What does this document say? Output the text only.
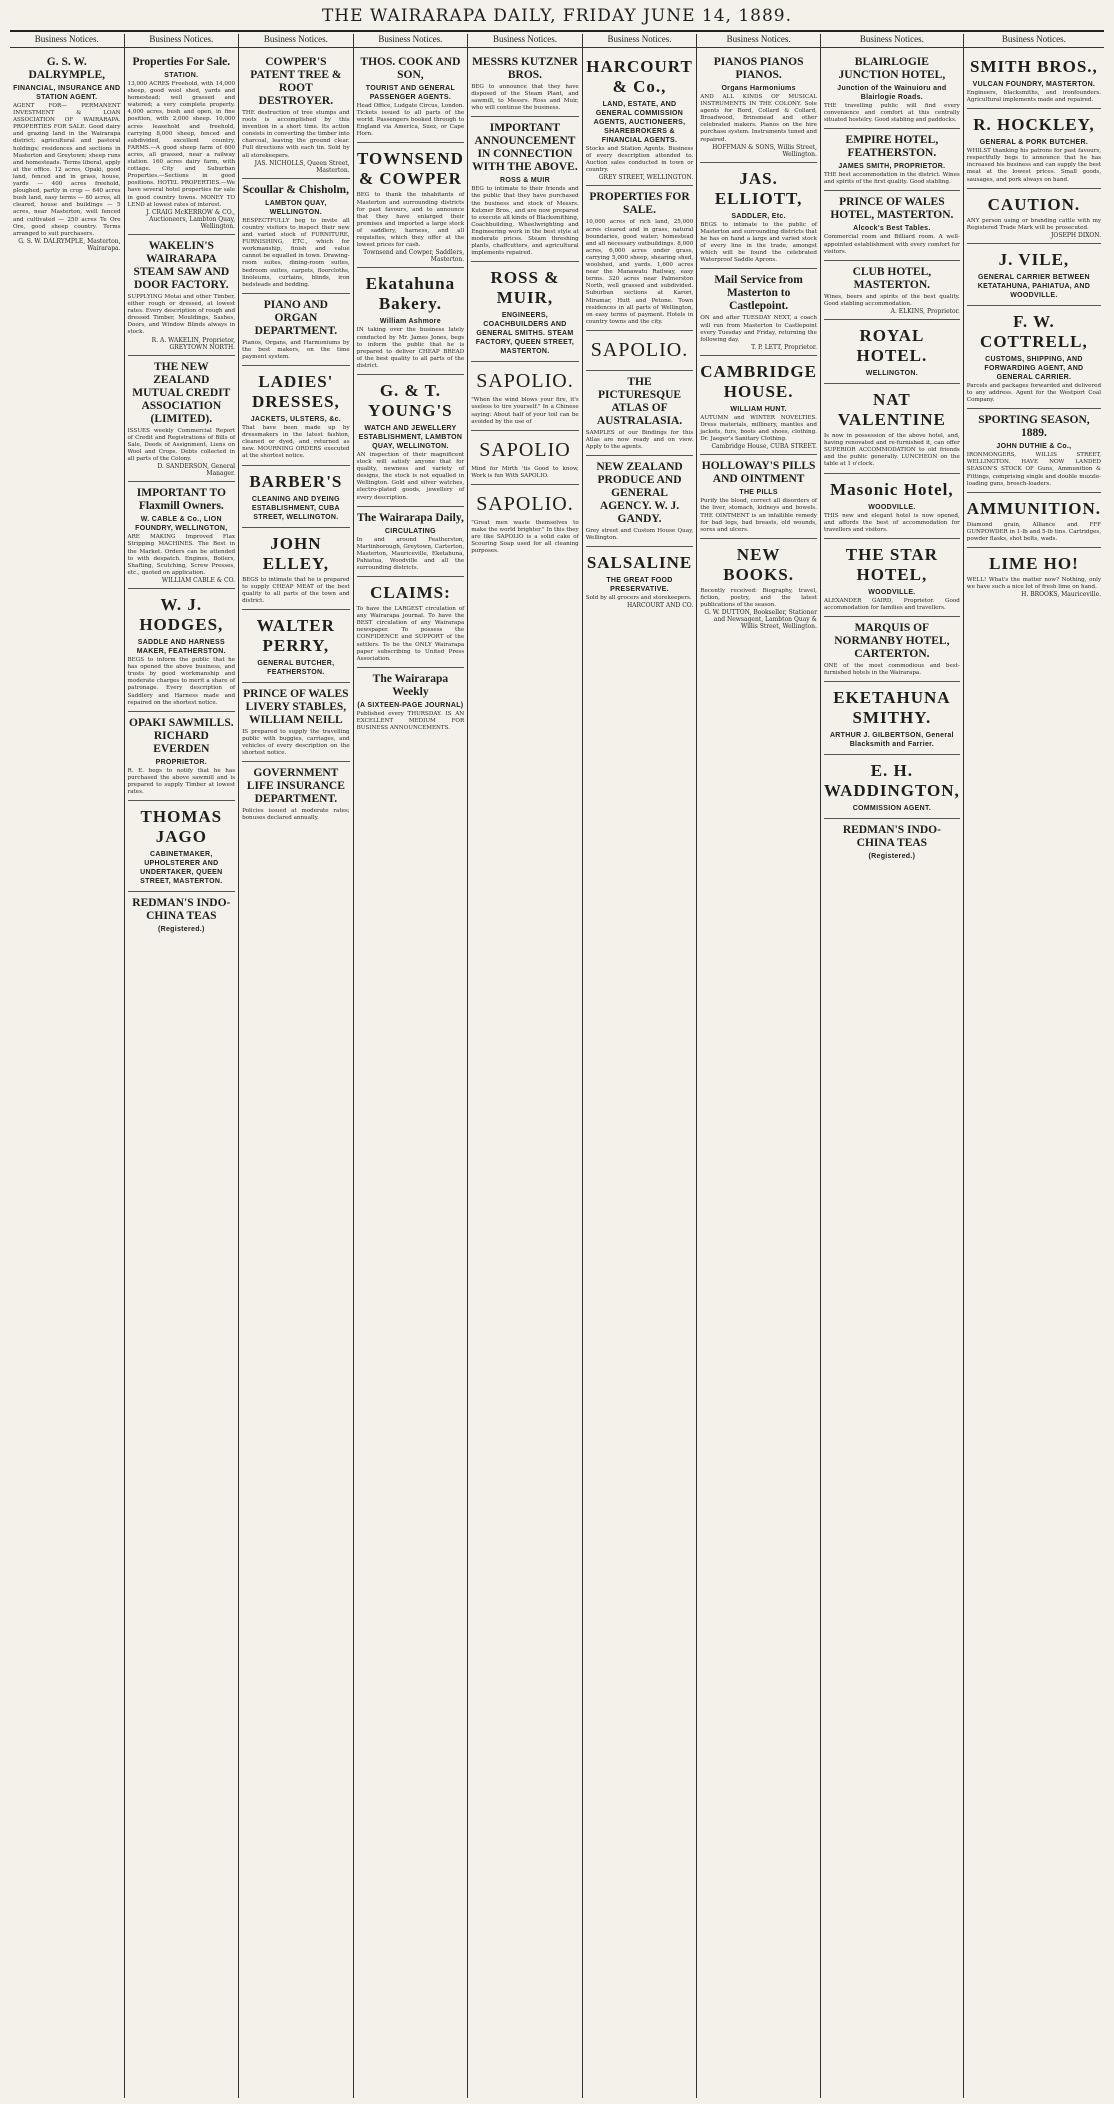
THE WAIRARAPA DAILY, FRIDAY JUNE 14, 1889.
Business Notices.
G. S. W. DALRYMPLE,
FINANCIAL, INSURANCE AND STATION AGENT.
AGENT FOR— PERMANENT INVESTMENT & LOAN ASSOCIATION OF WAIRARAPA. PROPERTIES FOR SALE. Good dairy and grazing land in the Wairarapa district; agricultural and pastoral holdings; residences and sections in Masterton and Greytown; sheep runs and homesteads. Terms liberal, apply at the office. 12 acres, Opaki, good land, fenced and in grass, house, yards — 400 acres freehold, ploughed, partly in crop — 640 acres bush land, easy terms — 80 acres, all cleared, house and buildings — 5 acres, near Masterton, well fenced and cultivated — 250 acres Te Ore Ore, good sheep country. Terms arranged to suit purchasers.
G. S. W. DALRYMPLE, Masterton, Wairarapa.
Business Notices.
Properties For Sale.
STATION.
13,000 ACRES Freehold, with 14,000 sheep, good wool shed, yards and homestead; well grassed and watered; a very complete property. 4,000 acres, bush and open, in fine position, with 2,000 sheep. 10,000 acres leasehold and freehold, carrying 8,000 sheep, fenced and subdivided, excellent country. FARMS.—A good sheep farm of 600 acres, all grassed, near a railway station. 160 acres dairy farm, with cottage. City and Suburban Properties.—Sections in good positions. HOTEL PROPERTIES.—We have several hotel properties for sale in good country towns. MONEY TO LEND at lowest rates of interest.
J. CRAIG McKERROW & CO., Auctioneers, Lambton Quay, Wellington.
WAKELIN'S WAIRARAPA STEAM SAW AND DOOR FACTORY.
SUPPLYING Motai and other Timber, either rough or dressed, at lowest rates. Every description of rough and dressed Timber, Mouldings, Sashes, Doors, and Window Blinds always in stock.
R. A. WAKELIN, Proprietor, GREYTOWN NORTH.
THE NEW ZEALAND MUTUAL CREDIT ASSOCIATION (LIMITED).
ISSUES weekly Commercial Report of Credit and Registrations of Bills of Sale, Deeds of Assignment, Liens on Wool and Crops. Debts collected in all parts of the Colony.
D. SANDERSON, General Manager.
IMPORTANT TO Flaxmill Owners.
W. CABLE & Co., LION FOUNDRY, WELLINGTON,
ARE MAKING Improved Flax Stripping MACHINES. The Best in the Market. Orders can be attended to with despatch. Engines, Boilers, Shafting, Scutching, Screw Presses, etc., quoted on application.
WILLIAM CABLE & CO.
W. J. HODGES,
SADDLE AND HARNESS MAKER, FEATHERSTON.
BEGS to inform the public that he has opened the above business, and trusts by good workmanship and moderate charges to merit a share of patronage. Every description of Saddlery and Harness made and repaired on the shortest notice.
OPAKI SAWMILLS. RICHARD EVERDEN
PROPRIETOR.
R. E. begs to notify that he has purchased the above sawmill and is prepared to supply Timber at lowest rates.
THOMAS JAGO
CABINETMAKER, UPHOLSTERER AND UNDERTAKER, QUEEN STREET, MASTERTON.
REDMAN'S INDO-CHINA TEAS
(Registered.)
Business Notices.
COWPER'S PATENT TREE & ROOT DESTROYER.
THE destruction of tree stumps and roots is accomplished by this invention in a short time. Its action consists in converting the timber into charcoal, leaving the ground clear. Full directions with each tin. Sold by all storekeepers.
JAS. NICHOLLS, Queen Street, Masterton.
Scoullar & Chisholm,
LAMBTON QUAY, WELLINGTON.
RESPECTFULLY beg to invite all country visitors to inspect their new and varied stock of FURNITURE, FURNISHING, ETC., which for workmanship, finish and value cannot be equalled in town. Drawing-room suites, dining-room suites, bedroom suites, carpets, floorcloths, linoleums, curtains, blinds, iron bedsteads and bedding.
PIANO AND ORGAN DEPARTMENT.
Pianos, Organs, and Harmoniums by the best makers, on the time payment system.
LADIES' DRESSES,
JACKETS, ULSTERS, &c.
That have been made up by dressmakers in the latest fashion, cleaned or dyed, and returned as new. MOURNING ORDERS executed at the shortest notice.
BARBER'S
CLEANING AND DYEING ESTABLISHMENT, CUBA STREET, WELLINGTON.
JOHN ELLEY,
BEGS to intimate that he is prepared to supply CHEAP MEAT of the best quality to all parts of the town and district.
WALTER PERRY,
GENERAL BUTCHER, FEATHERSTON.
PRINCE OF WALES LIVERY STABLES, WILLIAM NEILL
IS prepared to supply the travelling public with buggies, carriages, and vehicles of every description on the shortest notice.
GOVERNMENT LIFE INSURANCE DEPARTMENT.
Policies issued at moderate rates; bonuses declared annually.
Business Notices.
THOS. COOK AND SON,
TOURIST AND GENERAL PASSENGER AGENTS.
Head Office, Ludgate Circus, London. Tickets issued to all parts of the world. Passengers booked through to England via America, Suez, or Cape Horn.
TOWNSEND & COWPER
BEG to thank the inhabitants of Masterton and surrounding districts for past favours, and to announce that they have enlarged their premises and imported a large stock of saddlery, harness, and all requisites, which they offer at the lowest prices for cash.
Townsend and Cowper, Saddlers, Masterton.
Ekatahuna Bakery.
William Ashmore
IN taking over the business lately conducted by Mr. James Jones, begs to inform the public that he is prepared to deliver CHEAP BREAD of the best quality to all parts of the district.
G. & T. YOUNG'S
WATCH AND JEWELLERY ESTABLISHMENT, LAMBTON QUAY, WELLINGTON.
AN inspection of their magnificent stock will satisfy anyone that for quality, newness and variety of designs, the stock is not equalled in Wellington. Gold and silver watches, electro-plated goods, jewellery of every description.
The Wairarapa Daily,
CIRCULATING
In and around Featherston, Martinborough, Greytown, Carterton, Masterton, Mauriceville, Eketahuna, Pahiatua, Woodville and all the surrounding districts.
CLAIMS:
To have the LARGEST circulation of any Wairarapa journal. To have the BEST circulation of any Wairarapa newspaper. To possess the CONFIDENCE and SUPPORT of the settlers. To be the ONLY Wairarapa paper subscribing to United Press Association.
The Wairarapa Weekly
(A SIXTEEN-PAGE JOURNAL)
Published every THURSDAY. IS AN EXCELLENT MEDIUM FOR BUSINESS ANNOUNCEMENTS.
Business Notices.
MESSRS KUTZNER BROS.
BEG to announce that they have disposed of the Steam Plant, and sawmill, to Messrs. Ross and Muir, who will continue the business.
IMPORTANT ANNOUNCEMENT IN CONNECTION WITH THE ABOVE.
ROSS & MUIR
BEG to intimate to their friends and the public that they have purchased the business and stock of Messrs. Kutzner Bros., and are now prepared to execute all kinds of Blacksmithing, Coachbuilding, Wheelwrighting and Engineering work in the best style at moderate prices. Steam threshing plants, chaffcutters, and agricultural implements repaired.
ROSS & MUIR,
ENGINEERS, COACHBUILDERS AND GENERAL SMITHS. STEAM FACTORY, QUEEN STREET, MASTERTON.
SAPOLIO.
"When the wind blows your fire, it's useless to tire yourself." In a Chinese saying: About half of your toil can be avoided by the use of
SAPOLIO
Mind for Mirth 'tis Good to know, Work is fun With SAPOLIO.
SAPOLIO.
"Great men waste themselves to make the world brighter." In this they are like SAPOLIO is a solid cake of Scouring Soap used for all cleaning purposes.
Business Notices.
HARCOURT & Co.,
LAND, ESTATE, AND GENERAL COMMISSION AGENTS, AUCTIONEERS, SHAREBROKERS & FINANCIAL AGENTS.
Stocks and Station Agents. Business of every description attended to. Auction sales conducted in town or country.
GREY STREET, WELLINGTON.
PROPERTIES FOR SALE.
10,000 acres of rich land, 25,000 acres cleared and in grass, natural boundaries, good water; homestead and all necessary outbuildings. 8,000 acres, 6,000 acres under grass, carrying 5,000 sheep, shearing shed, woolshed, and yards. 1,600 acres near the Manawatu Railway, easy terms. 320 acres near Palmerston North, well grassed and subdivided. Suburban sections at Karori, Miramar, Hutt and Petone. Town residences in all parts of Wellington, on easy terms of payment. Hotels in country towns and the city.
SAPOLIO.
THE PICTURESQUE ATLAS OF AUSTRALASIA.
SAMPLES of our Bindings for this Atlas are now ready and on view. Apply to the agents.
NEW ZEALAND PRODUCE AND GENERAL AGENCY. W. J. GANDY.
Grey street and Custom House Quay, Wellington.
SALSALINE
THE GREAT FOOD PRESERVATIVE.
Sold by all grocers and storekeepers.
HARCOURT AND CO.
Business Notices.
PIANOS PIANOS PIANOS.
Organs Harmoniums
AND ALL KINDS OF MUSICAL INSTRUMENTS IN THE COLONY. Sole agents for Bord, Collard & Collard, Broadwood, Brinsmead and other celebrated makers. Pianos on the hire purchase system. Instruments tuned and repaired.
HOFFMAN & SONS, Willis Street, Wellington.
JAS. ELLIOTT,
SADDLER, Etc.
BEGS to intimate to the public of Masterton and surrounding districts that he has on hand a large and varied stock of every line in the trade, amongst which will be found the celebrated Waterproof Saddle Aprons.
Mail Service from Masterton to Castlepoint.
ON and after TUESDAY NEXT, a coach will run from Masterton to Castlepoint every Tuesday and Friday, returning the following day.
T. P. LETT, Proprietor.
CAMBRIDGE HOUSE.
WILLIAM HUNT.
AUTUMN and WINTER NOVELTIES. Dress materials, millinery, mantles and jackets, furs, boots and shoes, clothing. Dr. Jaeger's Sanitary Clothing.
Cambridge House, CUBA STREET.
HOLLOWAY'S PILLS AND OINTMENT
THE PILLS
Purify the blood, correct all disorders of the liver, stomach, kidneys and bowels. THE OINTMENT is an infallible remedy for bad legs, bad breasts, old wounds, sores and ulcers.
NEW BOOKS.
Recently received: Biography, travel, fiction, poetry, and the latest publications of the season.
G. W. DUTTON, Bookseller, Stationer and Newsagent, Lambton Quay & Willis Street, Wellington.
Business Notices.
BLAIRLOGIE JUNCTION HOTEL,
Junction of the Wainuioru and Blairlogie Roads.
THE travelling public will find every convenience and comfort at this centrally situated hostelry. Good stabling and paddocks.
EMPIRE HOTEL, FEATHERSTON.
JAMES SMITH, PROPRIETOR.
THE best accommodation in the district. Wines and spirits of the first quality. Good stabling.
PRINCE OF WALES HOTEL, MASTERTON.
Alcock's Best Tables.
Commercial room and Billiard room. A well-appointed establishment with every comfort for visitors.
CLUB HOTEL, MASTERTON.
Wines, beers and spirits of the best quality. Good stabling accommodation.
A. ELKINS, Proprietor.
ROYAL HOTEL.
WELLINGTON.
NAT VALENTINE
Is now in possession of the above hotel, and, having renovated and re-furnished it, can offer SUPERIOR ACCOMMODATION to old friends and the public generally. LUNCHEON on the table at 1 o'clock.
Masonic Hotel,
WOODVILLE.
THIS new and elegant hotel is now opened, and affords the best of accommodation for travellers and visitors.
THE STAR HOTEL,
WOODVILLE.
ALEXANDER GAIRD, Proprietor. Good accommodation for families and travellers.
MARQUIS OF NORMANBY HOTEL, CARTERTON.
ONE of the most commodious and best-furnished hotels in the Wairarapa.
EKETAHUNA SMITHY.
ARTHUR J. GILBERTSON, General Blacksmith and Farrier.
E. H. WADDINGTON,
COMMISSION AGENT.
REDMAN'S INDO-CHINA TEAS
(Registered.)
Business Notices.
SMITH BROS.,
VULCAN FOUNDRY, MASTERTON.
Engineers, blacksmiths, and ironfounders. Agricultural implements made and repaired.
R. HOCKLEY,
GENERAL & PORK BUTCHER.
WHILST thanking his patrons for past favours, respectfully begs to announce that he has increased his business and can supply the best meat at the lowest prices. Small goods, sausages, and pork always on hand.
CAUTION.
ANY person using or branding cattle with my Registered Trade Mark will be prosecuted.
JOSEPH DIXON.
J. VILE,
GENERAL CARRIER BETWEEN KETATAHUNA, PAHIATUA, AND WOODVILLE.
F. W. COTTRELL,
CUSTOMS, SHIPPING, AND FORWARDING AGENT, AND GENERAL CARRIER.
Parcels and packages forwarded and delivered to any address. Agent for the Westport Coal Company.
SPORTING SEASON, 1889.
JOHN DUTHIE & Co.,
IRONMONGERS, WILLIS STREET, WELLINGTON. HAVE NOW LANDED SEASON'S STOCK OF Guns, Ammunition & Fittings, comprising single and double muzzle-loading guns, breech-loaders.
AMMUNITION.
Diamond grain, Alliance and FFF GUNPOWDER in 1-lb and 5-lb tins. Cartridges, powder flasks, shot belts, wads.
LIME HO!
WELL! What's the matter now? Nothing, only we have such a nice lot of fresh lime on hand.
H. BROOKS, Mauriceville.
